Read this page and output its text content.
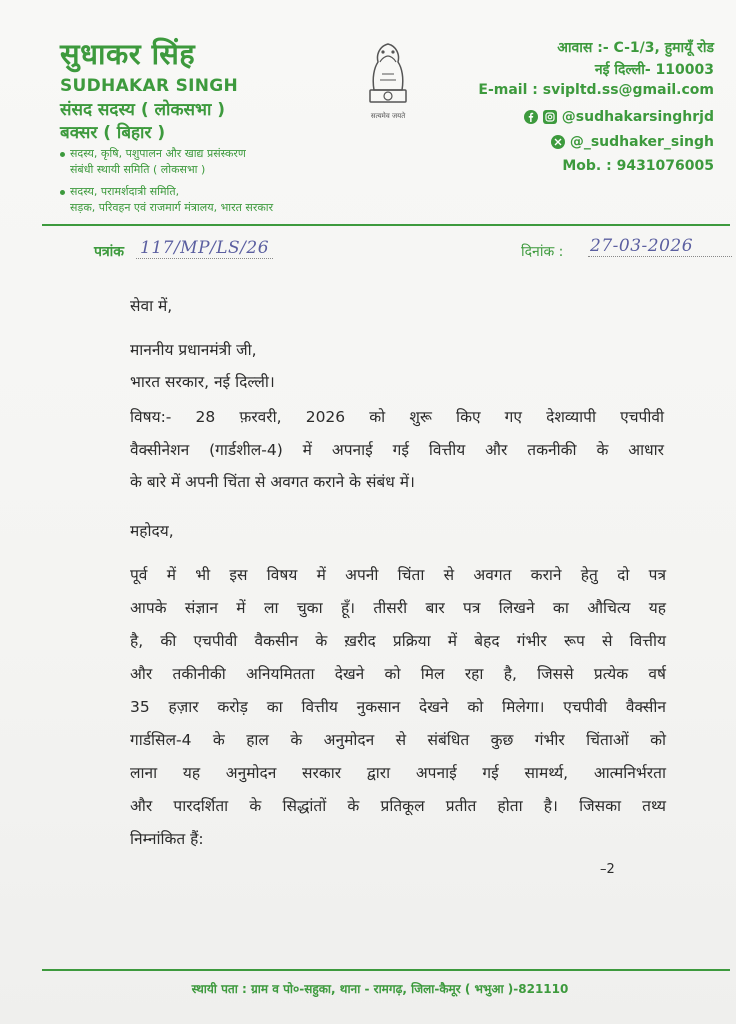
सुधाकर सिंह
SUDHAKAR SINGH
संसद सदस्य ( लोकसभा )
बक्सर ( बिहार )
सदस्य, कृषि, पशुपालन और खाद्य प्रसंस्करण
संबंधी स्थायी समिति ( लोकसभा )
सदस्य, परामर्शदात्री समिति,
सड़क, परिवहन एवं राजमार्ग मंत्रालय, भारत सरकार
सत्यमेव जयते
आवास :- C-1/3, हुमायूँ रोड
नई दिल्ली- 110003
E-mail : svipltd.ss@gmail.com
@sudhakarsinghrjd
@_sudhaker_singh
Mob. : 9431076005
पत्रांक 117/MP/LS/26	दिनांक : 27-03-2026
सेवा में,
माननीय प्रधानमंत्री जी,
भारत सरकार, नई दिल्ली।
विषय:- 28 फ़रवरी, 2026 को शुरू किए गए देशव्यापी एचपीवी
वैक्सीनेशन (गार्डशील-4) में अपनाई गई वित्तीय और तकनीकी के आधार
के बारे में अपनी चिंता से अवगत कराने के संबंध में।
महोदय,
पूर्व में भी इस विषय में अपनी चिंता से अवगत कराने हेतु दो पत्र
आपके संज्ञान में ला चुका हूँ। तीसरी बार पत्र लिखने का औचित्य यह
है, की एचपीवी वैकसीन के ख़रीद प्रक्रिया में बेहद गंभीर रूप से वित्तीय
और तकीनीकी अनियमितता देखने को मिल रहा है, जिससे प्रत्येक वर्ष
35 हज़ार करोड़ का वित्तीय नुकसान देखने को मिलेगा। एचपीवी वैक्सीन
गार्डसिल-4 के हाल के अनुमोदन से संबंधित कुछ गंभीर चिंताओं को
लाना यह अनुमोदन सरकार द्वारा अपनाई गई सामर्थ्य, आत्मनिर्भरता
और पारदर्शिता के सिद्धांतों के प्रतिकूल प्रतीत होता है। जिसका तथ्य
निम्नांकित हैं:
–2
स्थायी पता : ग्राम व पो०-सहुका, थाना - रामगढ़, जिला-कैमूर ( भभुआ )-821110
